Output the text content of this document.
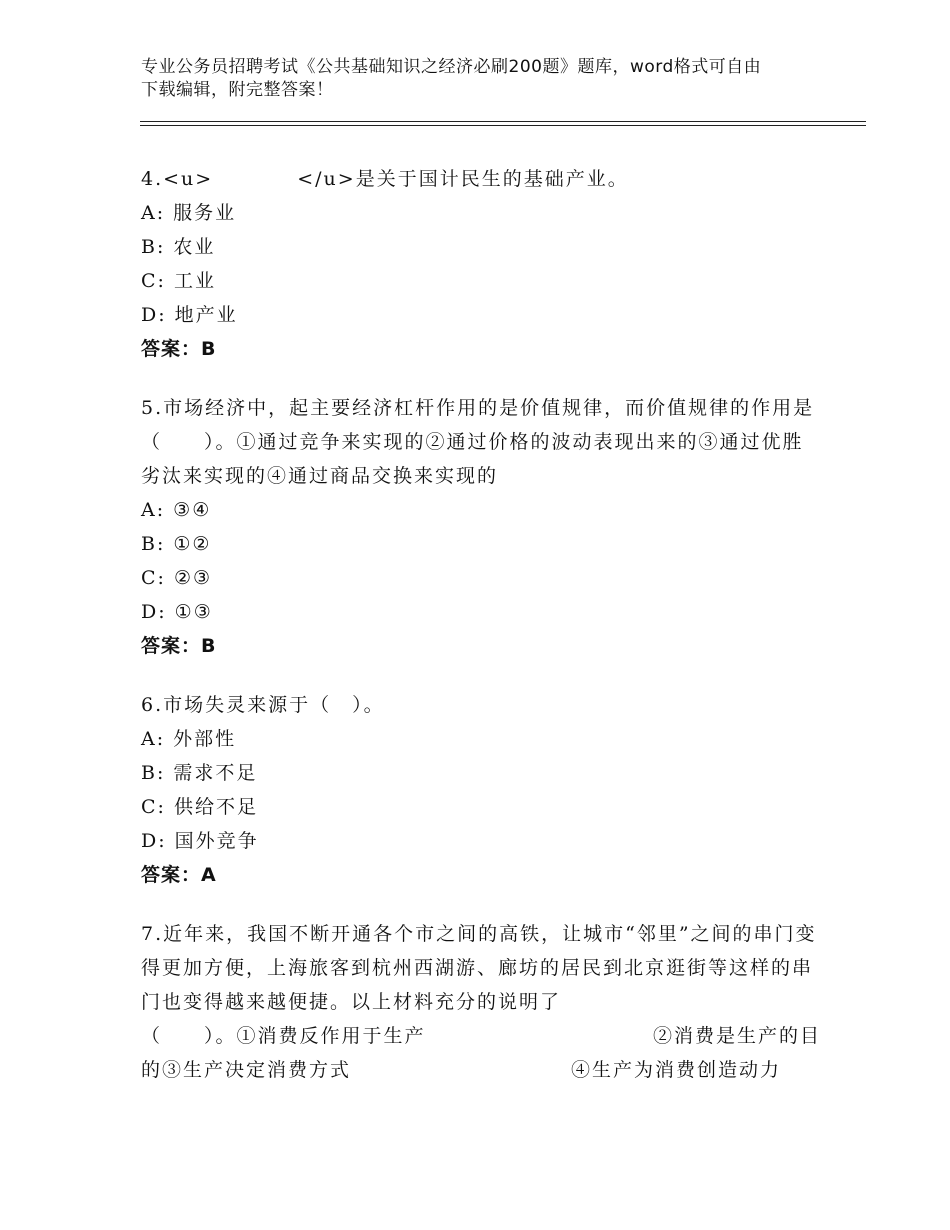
专业公务员招聘考试《公共基础知识之经济必刷200题》题库，word格式可自由
下载编辑，附完整答案！
4.<u>	</u>是关于国计民生的基础产业。
A: 服务业
B: 农业
C: 工业
D: 地产业
答案：B
5.市场经济中，起主要经济杠杆作用的是价值规律，而价值规律的作用是（　　）。①通过竞争来实现的②通过价格的波动表现出来的③通过优胜劣汰来实现的④通过商品交换来实现的
A: ③④
B: ①②
C: ②③
D: ①③
答案：B
6.市场失灵来源于（　）。
A: 外部性
B: 需求不足
C: 供给不足
D: 国外竞争
答案：A
7.近年来，我国不断开通各个市之间的高铁，让城市“邻里”之间的串门变得更加方便，上海旅客到杭州西湖游、廊坊的居民到北京逛街等这样的串门也变得越来越便捷。以上材料充分的说明了
（　　）。①消费反作用于生产	②消费是生产的目
的③生产决定消费方式	④生产为消费创造动力
